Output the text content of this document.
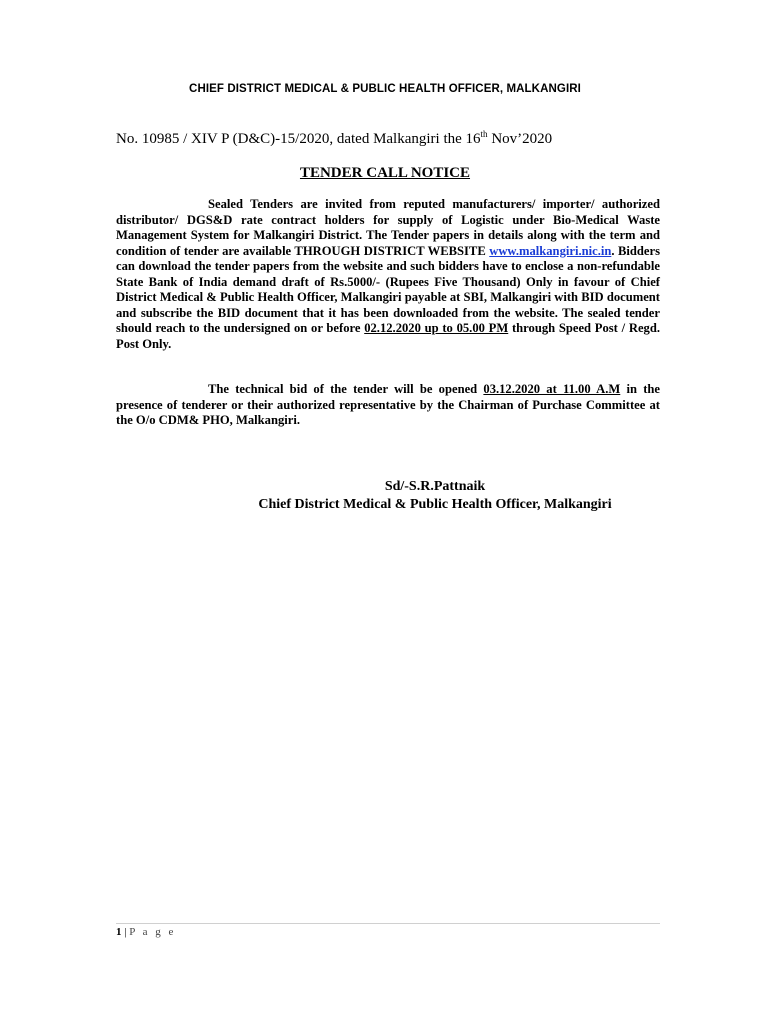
CHIEF DISTRICT MEDICAL & PUBLIC HEALTH OFFICER, MALKANGIRI
No. 10985 / XIV P (D&C)-15/2020, dated Malkangiri the 16th Nov’2020
TENDER CALL NOTICE
Sealed Tenders are invited from reputed manufacturers/ importer/ authorized distributor/ DGS&D rate contract holders for supply of Logistic under Bio-Medical Waste Management System for Malkangiri District. The Tender papers in details along with the term and condition of tender are available THROUGH DISTRICT WEBSITE www.malkangiri.nic.in. Bidders can download the tender papers from the website and such bidders have to enclose a non-refundable State Bank of India demand draft of Rs.5000/- (Rupees Five Thousand) Only in favour of Chief District Medical & Public Health Officer, Malkangiri payable at SBI, Malkangiri with BID document and subscribe the BID document that it has been downloaded from the website. The sealed tender should reach to the undersigned on or before 02.12.2020 up to 05.00 PM through Speed Post / Regd. Post Only.
The technical bid of the tender will be opened 03.12.2020 at 11.00 A.M in the presence of tenderer or their authorized representative by the Chairman of Purchase Committee at the O/o CDM& PHO, Malkangiri.
Sd/-S.R.Pattnaik
Chief District Medical & Public Health Officer, Malkangiri
1 | P a g e
